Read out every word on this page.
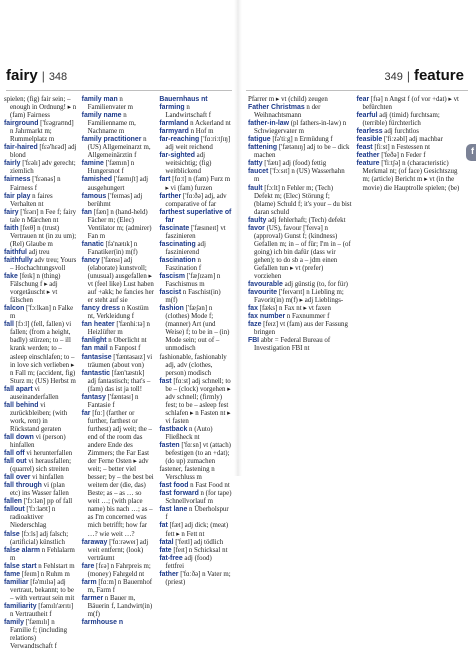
fairy | 348

spielen; (fig) fair sein; – enough in Ordnung! ▸ n (fam) Fairness

fairground ['fɛəgraʊnd] n Jahrmarkt m; Rummelplatz m

fair-haired [fɛə'hɛəd] adj blond

fairly ['fɛəlɪ] adv gerecht; ziemlich

fairness ['fɛənəs] n Fairness f

fair play n faires Verhalten nt

fairy ['fɛərɪ] n Fee f; fairy tale n Märchen nt

faith [feɪθ] n (trust) Vertrauen nt (in zu um); (Rel) Glaube m

faithful adj treu

faithfully adv treu; Yours – Hochachtungsvoll

fake [feɪk] n (thing) Fälschung f ▸ adj vorgetäuscht ▸ vt fälschen

falcon ['fɔːlkən] n Falke m

fall [fɔːl] (fell, fallen) vi fallen; (from a height, badly) stürzen; to – ill krank werden; to – asleep einschlafen; to – in love sich verlieben ▸ n Fall m; (accident, fig) Sturz m; (US) Herbst m

fall apart vi auseinanderfallen

fall behind vi zurückbleiben; (with work, rent) in Rückstand geraten

fall down vi (person) hinfallen

fall off vi herunterfallen

fall out vi herausfallen; (quarrel) sich streiten

fall over vi hinfallen

fall through vi (plan etc) ins Wasser fallen

fallen ['fɔːlən] pp of fall

fallout ['fɔːlaʊt] n radioaktiver Niederschlag

false [fɔːls] adj falsch; (artificial) künstlich

false alarm n Fehlalarm m

false start n Fehlstart m

fame [feɪm] n Ruhm m

familiar [fə'mɪlɪə] adj vertraut, bekannt; to be – with vertraut sein mit

familiarity [fəmɪlɪ'ærɪtɪ] n Vertrautheit f

family ['fæmɪlɪ] n Familie f; (including relations) Verwandtschaft f

family man n Familienvater m

family name n Familienname m, Nachname m

family practitioner n (US) Allgemeinarzt m, Allgemeinärztin f

famine ['fæmɪn] n Hungersnot f

famished ['fæmɪʃt] adj ausgehungert

famous ['feɪməs] adj berühmt

fan [fæn] n (hand-held) Fächer m; (Elec) Ventilator m; (admirer) Fan m

fanatic [fə'nætɪk] n Fanatiker(in) m(f)

fancy ['fænsɪ] adj (elaborate) kunstvoll; (unusual) ausgefallen ▸ vt (feel like) Lust haben auf +akk; he fancies her er steht auf sie

fancy dress n Kostüm nt, Verkleidung f

fan heater ['fænhiːtə] n Heizlüfter m

fanlight n Oberlicht nt

fan mail n Fanpost f

fantasise ['fæntəsaɪz] vi träumen (about von)

fantastic [fæn'tæstɪk] adj fantastisch; that's – (fam) das ist ja toll!

fantasy ['fæntəsɪ] n Fantasie f

far [fɑː] (farther or further, farthest or furthest) adj weit; the – end of the room das andere Ende des Zimmers; the Far East der Ferne Osten ▸ adv weit; – better viel besser; by – the best bei weitem der (die, das) Beste; as – as … so weit …; (with place name) bis nach …; as – as I'm concerned was mich betrifft; how far …? wie weit …?

faraway ['fɑːrəweɪ] adj weit entfernt; (look) verträumt

fare [fɛə] n Fahrpreis m; (money) Fahrgeld nt

farm [fɑːm] n Bauernhof m, Farm f

farmer n Bauer m, Bäuerin f, Landwirt(in) m(f)

farmhouse n

Bauernhaus nt

farming n Landwirtschaft f

farmland n Ackerland nt

farmyard n Hof m

far-reaching ['fɑːriːtʃɪŋ] adj weit reichend

far-sighted adj weitsichtig; (fig) weitblickend

fart [fɑːt] n (fam) Furz m ▸ vi (fam) furzen

farther ['fɑːðə] adj, adv comparative of far

farthest superlative of far

fascinate ['fæsɪneɪt] vt faszinieren

fascinating adj faszinierend

fascination n Faszination f

fascism ['fæʃɪzəm] n Faschismus m

fascist n Faschist(in) m(f)

fashion ['fæʃən] n (clothes) Mode f; (manner) Art (und Weise) f; to be in – (in) Mode sein; out of – unmodisch

fashionable, fashionably adj, adv (clothes, person) modisch

fast [fɑːst] adj schnell; to be – (clock) vorgehen ▸ adv schnell; (firmly) fest; to be – asleep fest schlafen ▸ n Fasten nt ▸ vi fasten

fastback n (Auto) Fließheck nt

fasten ['fɑːsn] vt (attach) befestigen (to an +dat); (do up) zumachen

fastener, fastening n Verschluss m

fast food n Fast Food nt

fast forward n (for tape) Schnellvorlauf m

fast lane n Überholspur f

fat [fæt] adj dick; (meat) fett ▸ n Fett nt

fatal ['feɪtl] adj tödlich

fate [feɪt] n Schicksal nt

fat-free adj (food) fettfrei

father ['fɑːðə] n Vater m; (priest)

349 | feature

Pfarrer m ▸ vt (child) zeugen

Father Christmas n der Weihnachtsmann

father-in-law (pl fathers-in-law) n Schwiegervater m

fatigue [fə'tiːg] n Ermüdung f

fattening ['fætənɪŋ] adj to be – dick machen

fatty ['fætɪ] adj (food) fettig

faucet ['fɔːsɪt] n (US) Wasserhahn m

fault [fɔːlt] n Fehler m; (Tech) Defekt m; (Elec) Störung f; (blame) Schuld f; it's your – du bist daran schuld

faulty adj fehlerhaft; (Tech) defekt

favor (US), favour ['feɪvə] n (approval) Gunst f; (kindness) Gefallen m; in – of für; I'm in – (of going) ich bin dafür (dass wir gehen); to do sb a – jdm einen Gefallen tun ▸ vt (prefer) vorziehen

favourable adj günstig (to, for für)

favourite ['feɪvərɪt] n Liebling m; Favorit(in) m(f) ▸ adj Lieblings-

fax [fæks] n Fax nt ▸ vt faxen

fax number n Faxnummer f

faze [feɪz] vt (fam) aus der Fassung bringen

FBI abbr = Federal Bureau of Investigation FBI nt

fear [fɪə] n Angst f (of vor +dat) ▸ vt befürchten

fearful adj (timid) furchtsam; (terrible) fürchterlich

fearless adj furchtlos

feasible ['fiːzəbl] adj machbar

feast [fiːst] n Festessen nt

feather ['feðə] n Feder f

feature ['fiːtʃə] n (characteristic) Merkmal nt; (of face) Gesichtszug m; (article) Bericht m ▸ vt (in the movie) die Hauptrolle spielen; (be)

f
